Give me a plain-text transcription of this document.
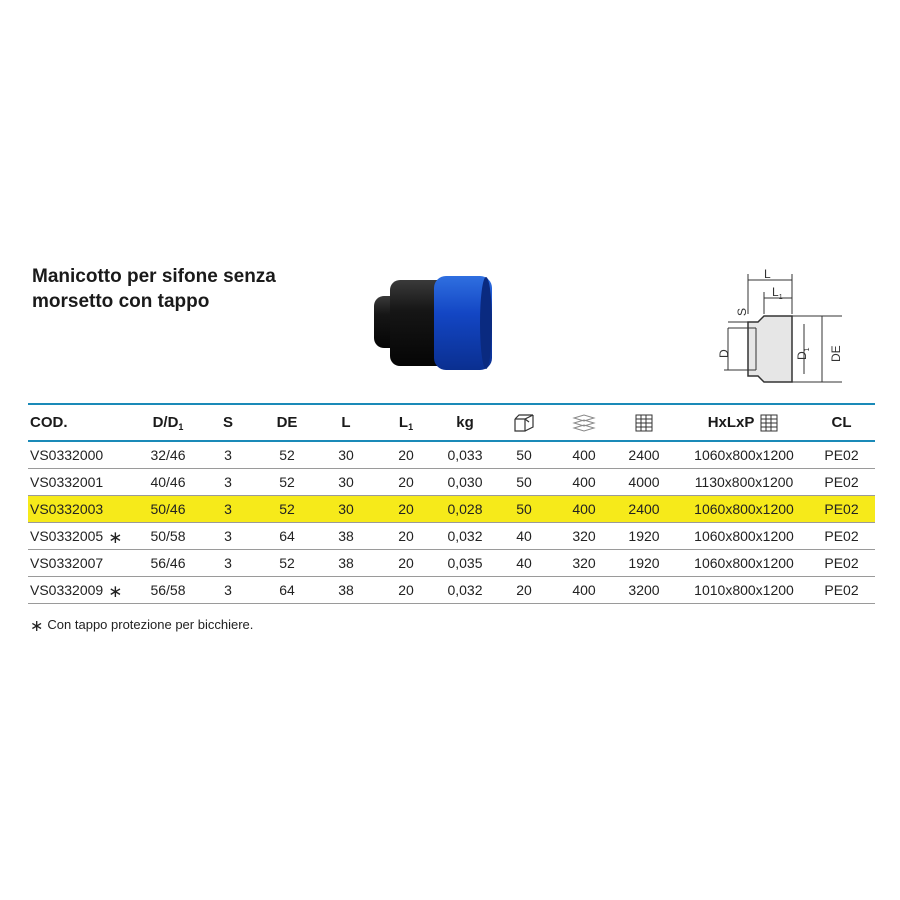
Manicotto per sifone senza morsetto con tappo
L
$L_1$
S
D	$D_1$ DE
COD.	$D/D_1$	S	DE	L	$L_1$	kg				HxLxP	CL
VS0332000	32/46	3	52	30	20	0,033	50	400	2400	1060x800x1200	PE02
VS0332001	40/46	3	52	30	20	0,030	50	400	4000	1130x800x1200	PE02
VS0332003	50/46	3	52	30	20	0,028	50	400	2400	1060x800x1200	PE02
VS0332005 ∗	50/58	3	64	38	20	0,032	40	320	1920	1060x800x1200	PE02
VS0332007	56/46	3	52	38	20	0,035	40	320	1920	1060x800x1200	PE02
VS0332009 ∗	56/58	3	64	38	20	0,032	20	400	3200	1010x800x1200	PE02

∗ Con tappo protezione per bicchiere.
